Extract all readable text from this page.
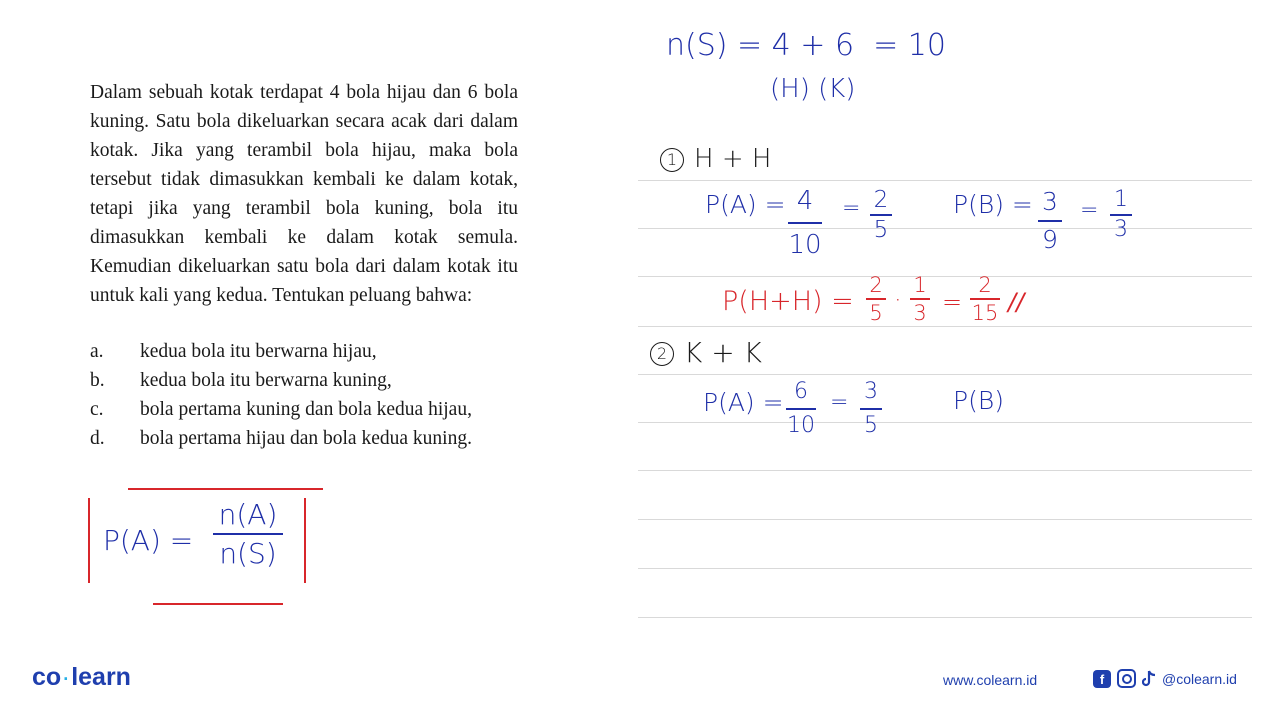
Dalam sebuah kotak terdapat 4 bola hijau dan 6 bola kuning. Satu bola dikeluarkan secara acak dari dalam kotak. Jika yang terambil bola hijau, maka bola tersebut tidak dimasukkan kembali ke dalam kotak, tetapi jika yang terambil bola kuning, bola itu dimasukkan kembali ke dalam kotak semula. Kemudian dikeluarkan satu bola dari dalam kotak itu untuk kali yang kedua. Tentukan peluang bahwa:

a.	kedua bola itu berwarna hijau,
b.	kedua bola itu berwarna kuning,
c.	bola pertama kuning dan bola kedua hijau,
d.	bola pertama hijau dan bola kedua kuning.
P(A) =
n(A)
n(S)
n(S) = 4 + 6  = 10
(H) (K)
1 H + H
P(A) = 4
10
= 2
5
P(B) = 3
9
= 1
3
P(H+H) =
2
5 ·
1
3 =
2
15 //
2 K + K
P(A) = 6
10
= 3
5
P(B)
co ·learn	www.colearn.id	f	@colearn.id
